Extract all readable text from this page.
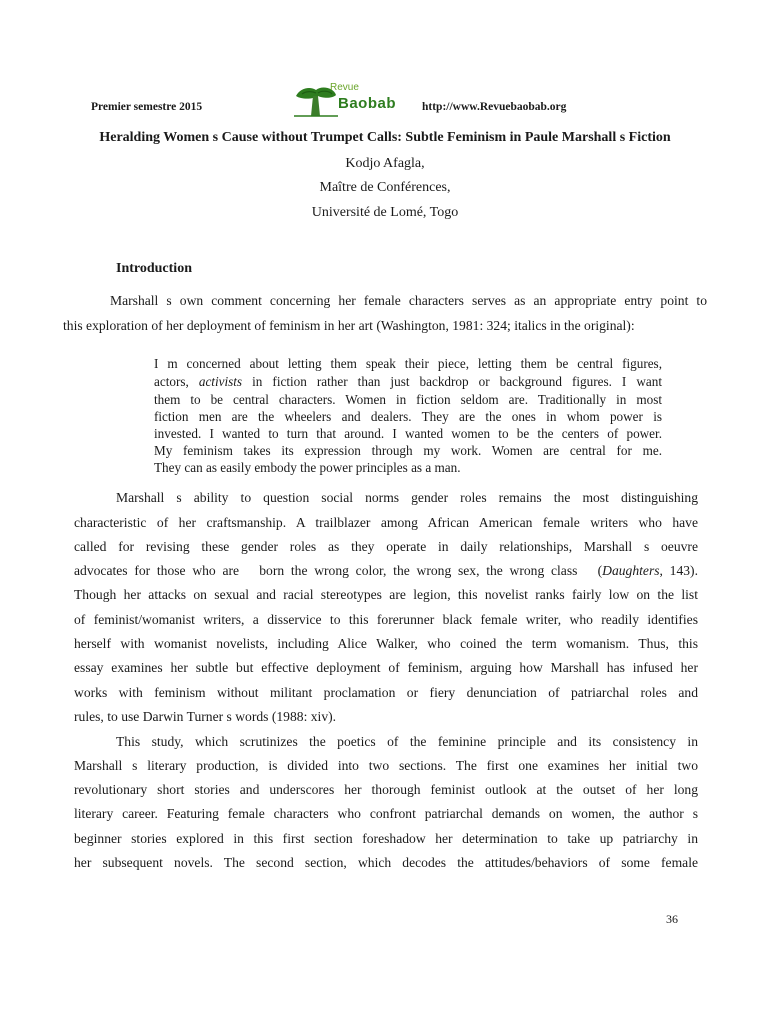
Premier semestre 2015

Revue
Baobab http://www.Revuebaobab.org

Heralding Women s Cause without Trumpet Calls: Subtle Feminism in Paule Marshall s Fiction

Kodjo Afagla,

Maître de Conférences,

Université de Lomé, Togo

Introduction

Marshall s own comment concerning her female characters serves as an appropriate entry point to

this exploration of her deployment of feminism in her art (Washington, 1981: 324; italics in the original):

I m concerned about letting them speak their piece, letting them be central figures,

actors, activists in fiction rather than just backdrop or background figures. I want

them to be central characters. Women in fiction seldom are. Traditionally in most

fiction men are the wheelers and dealers. They are the ones in whom power is

invested. I wanted to turn that around. I wanted women to be the centers of power.

My feminism takes its expression through my work. Women are central for me.

They can as easily embody the power principles as a man.

Marshall s ability to question social norms gender roles remains the most distinguishing

characteristic of her craftsmanship. A trailblazer among African American female writers who have

called for revising these gender roles as they operate in daily relationships, Marshall s oeuvre

advocates for those who are   born the wrong color, the wrong sex, the wrong class   (Daughters, 143).

Though her attacks on sexual and racial stereotypes are legion, this novelist ranks fairly low on the list

of feminist/womanist writers, a disservice to this forerunner black female writer, who readily identifies

herself with womanist novelists, including Alice Walker, who coined the term womanism. Thus, this

essay examines her subtle but effective deployment of feminism, arguing how Marshall has infused her

works with feminism without militant proclamation or fiery denunciation of patriarchal roles and

rules, to use Darwin Turner s words (1988: xiv).

This study, which scrutinizes the poetics of the feminine principle and its consistency in

Marshall s literary production, is divided into two sections. The first one examines her initial two

revolutionary short stories and underscores her thorough feminist outlook at the outset of her long

literary career. Featuring female characters who confront patriarchal demands on women, the author s

beginner stories explored in this first section foreshadow her determination to take up patriarchy in

her subsequent novels. The second section, which decodes the attitudes/behaviors of some female

36
